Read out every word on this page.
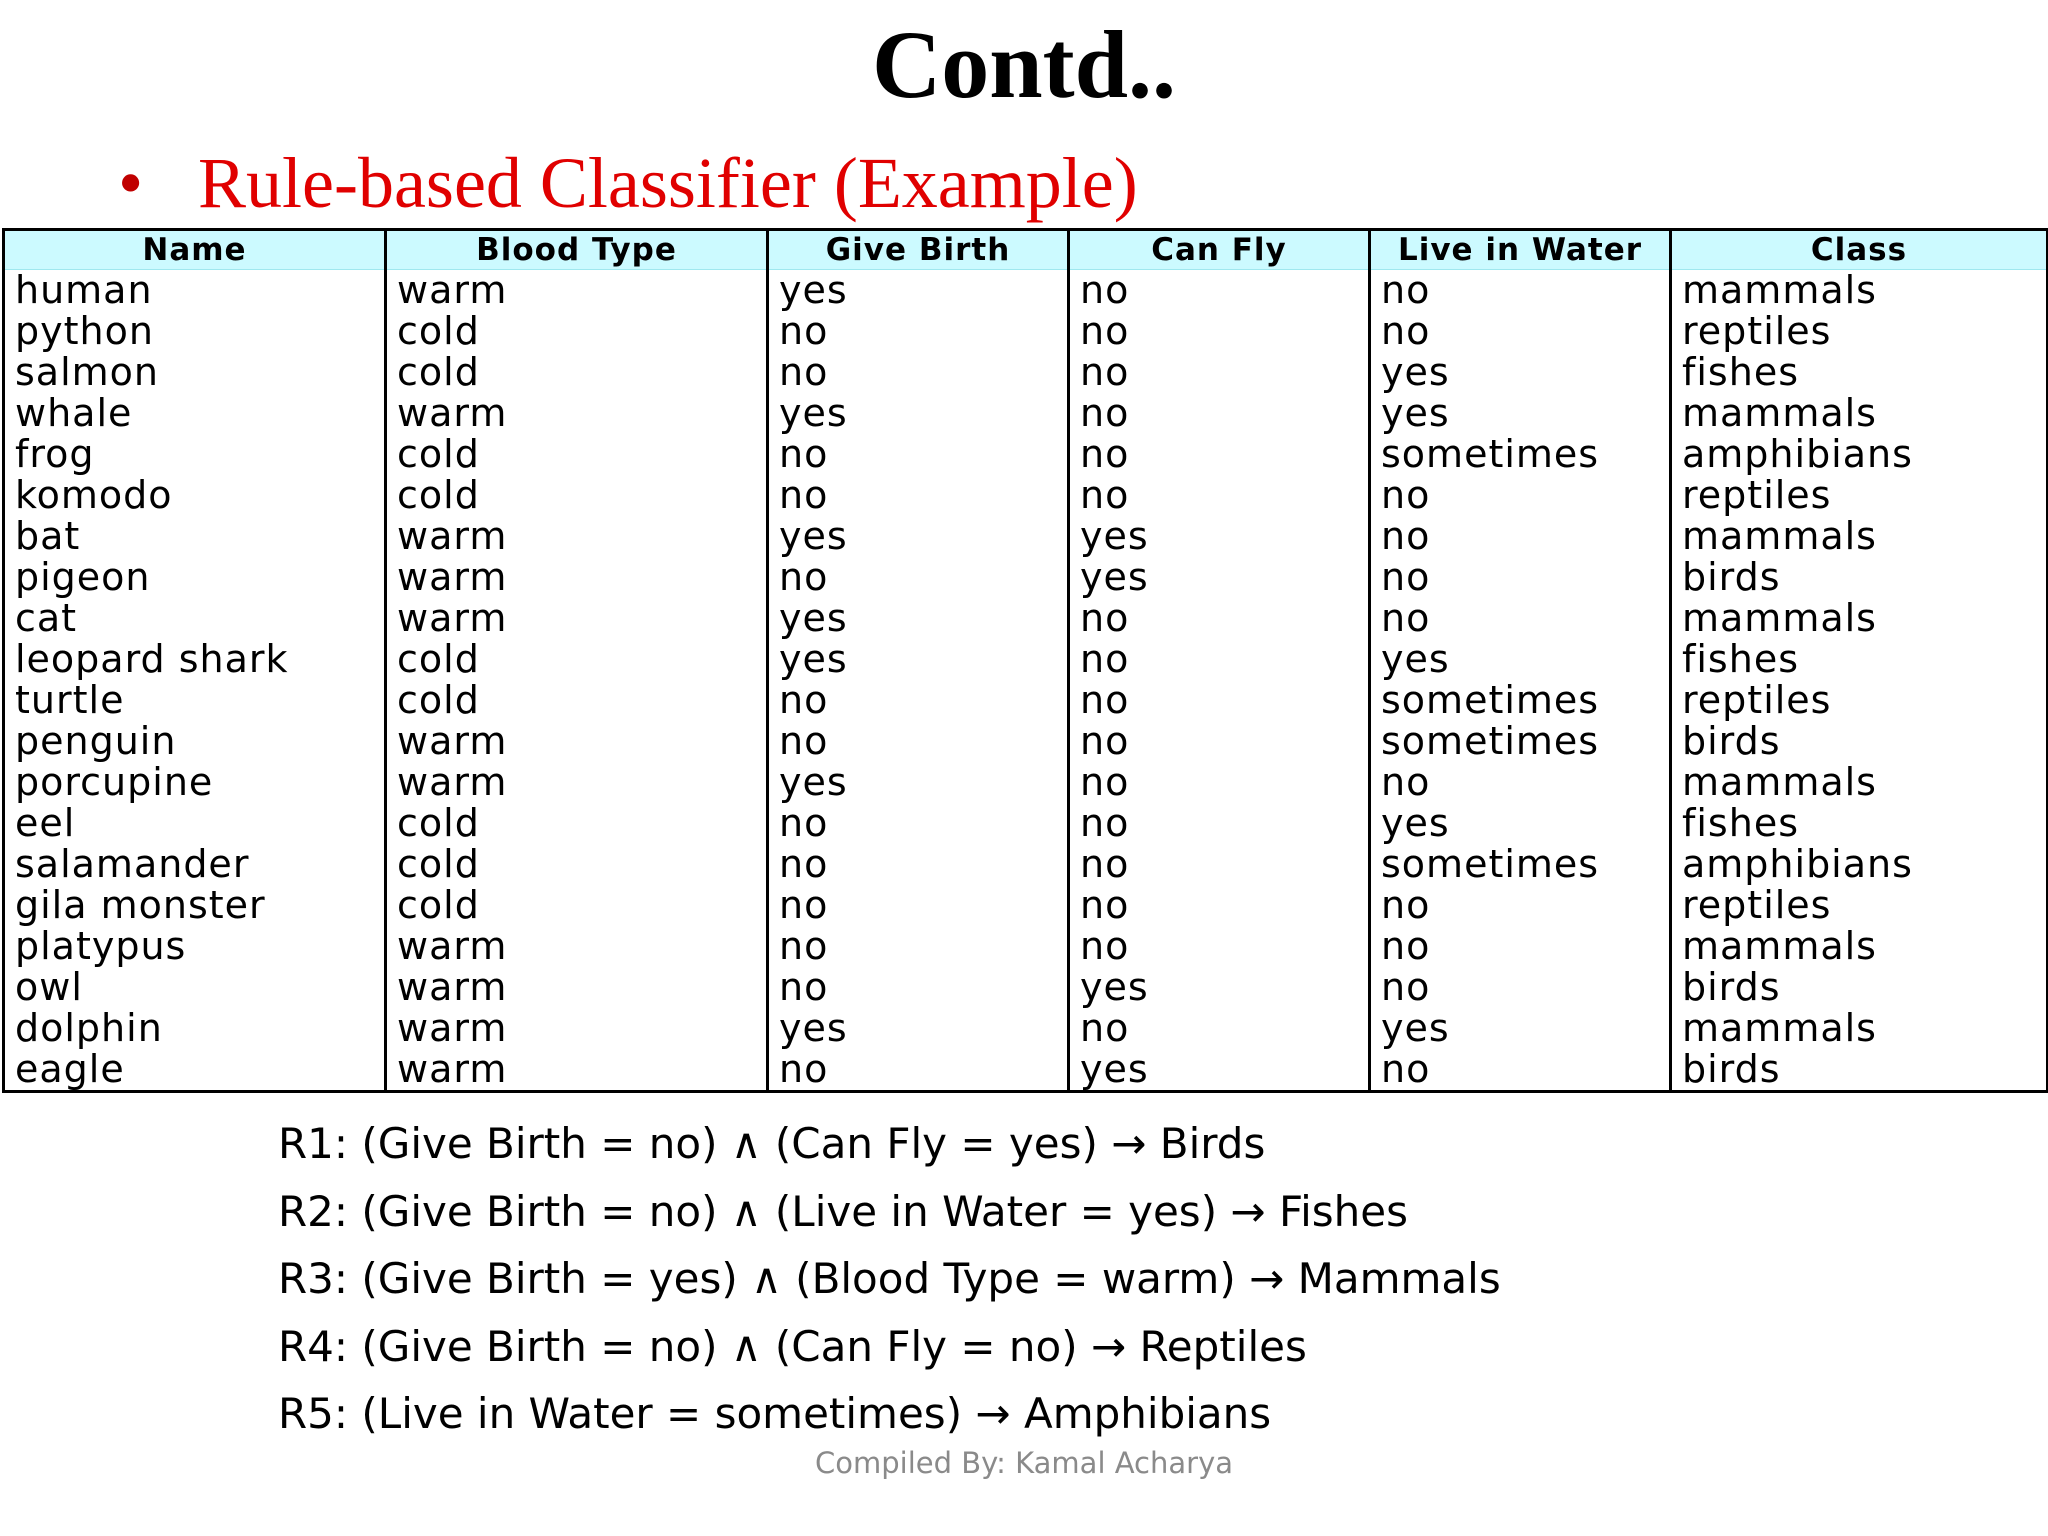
Contd..
• Rule-based Classifier (Example)
Name	Blood Type	Give Birth	Can Fly	Live in Water	Class
human	warm	yes	no	no	mammals
python	cold	no	no	no	reptiles
salmon	cold	no	no	yes	fishes
whale	warm	yes	no	yes	mammals
frog	cold	no	no	sometimes	amphibians
komodo	cold	no	no	no	reptiles
bat	warm	yes	yes	no	mammals
pigeon	warm	no	yes	no	birds
cat	warm	yes	no	no	mammals
leopard shark	cold	yes	no	yes	fishes
turtle	cold	no	no	sometimes	reptiles
penguin	warm	no	no	sometimes	birds
porcupine	warm	yes	no	no	mammals
eel	cold	no	no	yes	fishes
salamander	cold	no	no	sometimes	amphibians
gila monster	cold	no	no	no	reptiles
platypus	warm	no	no	no	mammals
owl	warm	no	yes	no	birds
dolphin	warm	yes	no	yes	mammals
eagle	warm	no	yes	no	birds
R1: (Give Birth = no) ∧ (Can Fly = yes) → Birds
R2: (Give Birth = no) ∧ (Live in Water = yes) → Fishes
R3: (Give Birth = yes) ∧ (Blood Type = warm) → Mammals
R4: (Give Birth = no) ∧ (Can Fly = no) → Reptiles
R5: (Live in Water = sometimes) → Amphibians
Compiled By: Kamal Acharya
